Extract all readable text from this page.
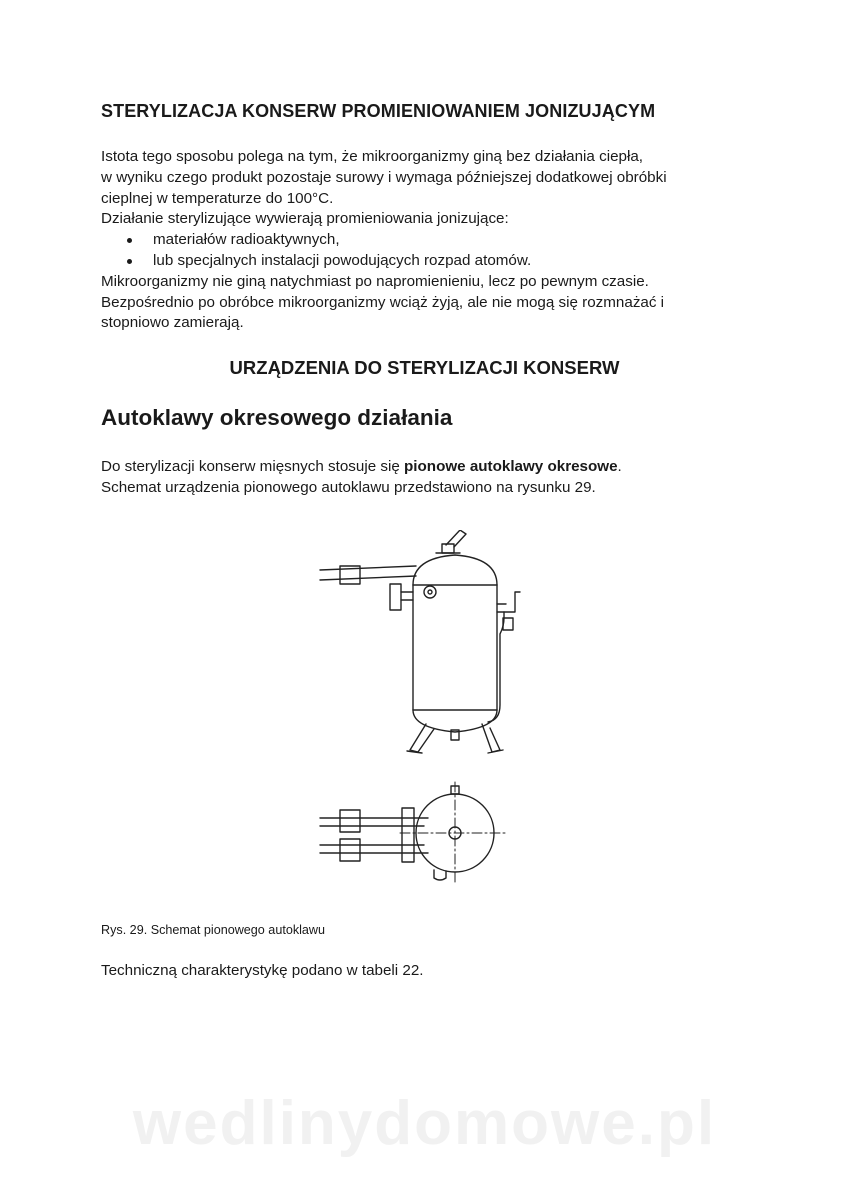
STERYLIZACJA KONSERW PROMIENIOWANIEM JONIZUJĄCYM

Istota tego sposobu polega na tym, że mikroorganizmy giną bez działania ciepła,

w wyniku czego produkt pozostaje surowy i wymaga późniejszej dodatkowej obróbki

cieplnej w temperaturze do 100°C.

Działanie sterylizujące wywierają promieniowania jonizujące:

materiałów radioaktywnych,
lub specjalnych instalacji powodujących rozpad atomów.

Mikroorganizmy nie giną natychmiast po napromienieniu, lecz po pewnym czasie.

Bezpośrednio po obróbce mikroorganizmy wciąż żyją, ale nie mogą się rozmnażać i

stopniowo zamierają.

URZĄDZENIA DO STERYLIZACJI KONSERW
Autoklawy okresowego działania

Do sterylizacji konserw mięsnych stosuje się pionowe autoklawy okresowe.

Schemat urządzenia pionowego autoklawu przedstawiono na rysunku 29.

Rys. 29. Schemat pionowego autoklawu
Techniczną charakterystykę podano w tabeli 22.
wedlinydomowe.pl
